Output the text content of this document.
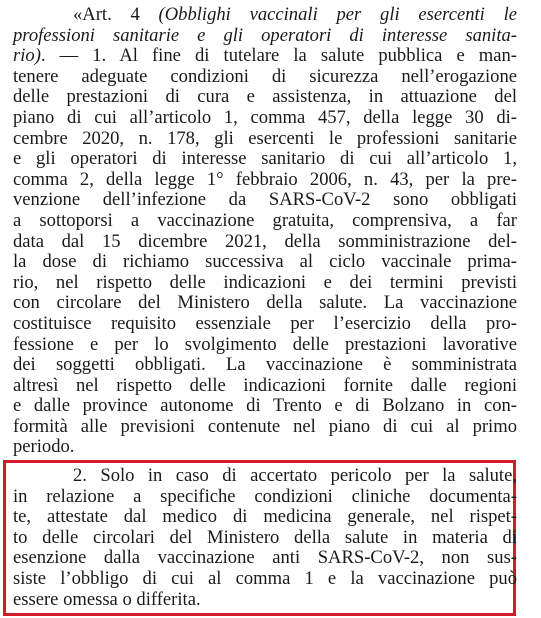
«Art. 4 (Obblighi vaccinali per gli esercenti le
professioni sanitarie e gli operatori di interesse sanita-
rio). — 1. Al fine di tutelare la salute pubblica e man-
tenere adeguate condizioni di sicurezza nell’erogazione
delle prestazioni di cura e assistenza, in attuazione del
piano di cui all’articolo 1, comma 457, della legge 30 di-
cembre 2020, n. 178, gli esercenti le professioni sanitarie
e gli operatori di interesse sanitario di cui all’articolo 1,
comma 2, della legge 1° febbraio 2006, n. 43, per la pre-
venzione dell’infezione da SARS-CoV-2 sono obbligati
a sottoporsi a vaccinazione gratuita, comprensiva, a far
data dal 15 dicembre 2021, della somministrazione del-
la dose di richiamo successiva al ciclo vaccinale prima-
rio, nel rispetto delle indicazioni e dei termini previsti
con circolare del Ministero della salute. La vaccinazione
costituisce requisito essenziale per l’esercizio della pro-
fessione e per lo svolgimento delle prestazioni lavorative
dei soggetti obbligati. La vaccinazione è somministrata
altresì nel rispetto delle indicazioni fornite dalle regioni
e dalle province autonome di Trento e di Bolzano in con-
formità alle previsioni contenute nel piano di cui al primo
periodo.
2. Solo in caso di accertato pericolo per la salute,
in relazione a specifiche condizioni cliniche documenta-
te, attestate dal medico di medicina generale, nel rispet-
to delle circolari del Ministero della salute in materia di
esenzione dalla vaccinazione anti SARS-CoV-2, non sus-
siste l’obbligo di cui al comma 1 e la vaccinazione può
essere omessa o differita.
